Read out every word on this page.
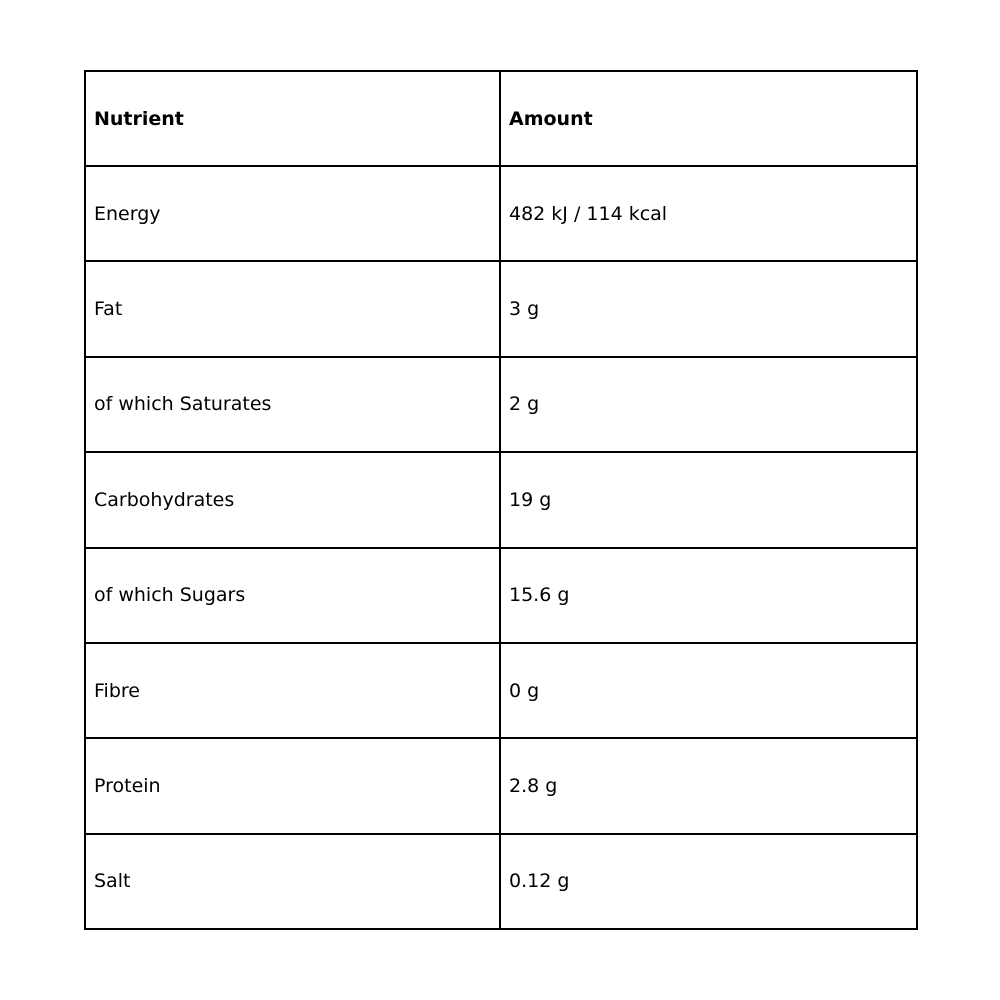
Nutrient	Amount
Energy	482 kJ / 114 kcal
Fat	3 g
of which Saturates	2 g
Carbohydrates	19 g
of which Sugars	15.6 g
Fibre	0 g
Protein	2.8 g
Salt	0.12 g
